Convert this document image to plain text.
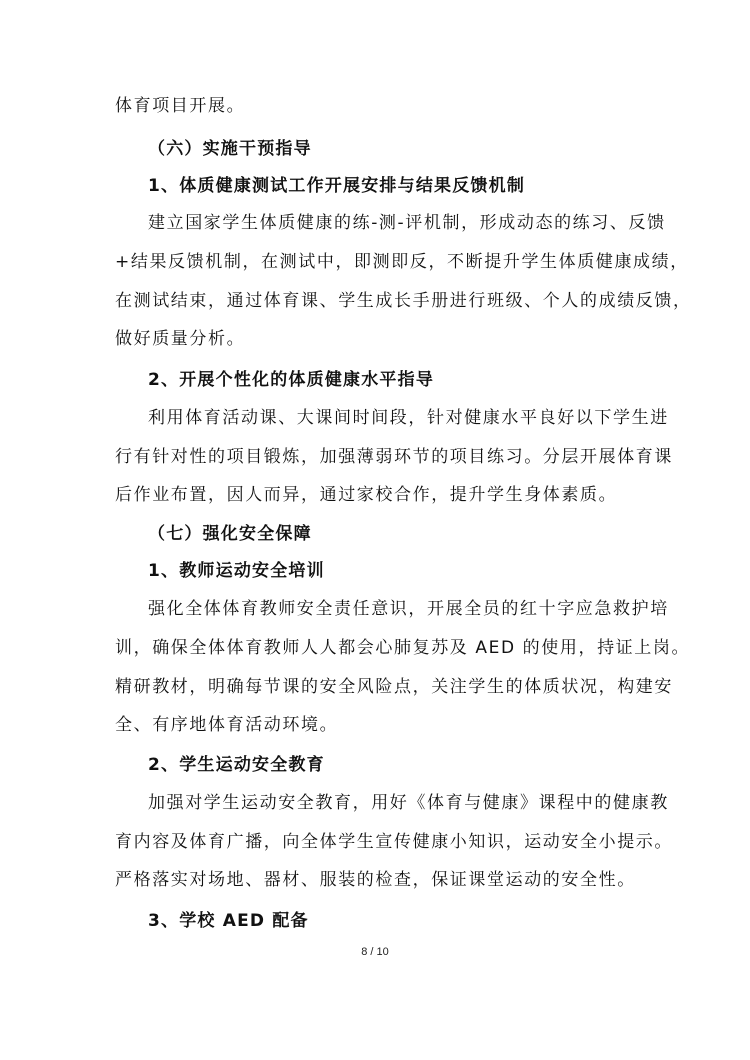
体育项目开展。
（六）实施干预指导
1、体质健康测试工作开展安排与结果反馈机制
建立国家学生体质健康的练-测-评机制，形成动态的练习、反馈
+结果反馈机制，在测试中，即测即反，不断提升学生体质健康成绩，
在测试结束，通过体育课、学生成长手册进行班级、个人的成绩反馈，
做好质量分析。
2、开展个性化的体质健康水平指导
利用体育活动课、大课间时间段，针对健康水平良好以下学生进
行有针对性的项目锻炼，加强薄弱环节的项目练习。分层开展体育课
后作业布置，因人而异，通过家校合作，提升学生身体素质。
（七）强化安全保障
1、教师运动安全培训
强化全体体育教师安全责任意识，开展全员的红十字应急救护培
训，确保全体体育教师人人都会心肺复苏及 AED 的使用，持证上岗。
精研教材，明确每节课的安全风险点，关注学生的体质状况，构建安
全、有序地体育活动环境。
2、学生运动安全教育
加强对学生运动安全教育，用好《体育与健康》课程中的健康教
育内容及体育广播，向全体学生宣传健康小知识，运动安全小提示。
严格落实对场地、器材、服装的检查，保证课堂运动的安全性。
3、学校 AED 配备
8 / 10
